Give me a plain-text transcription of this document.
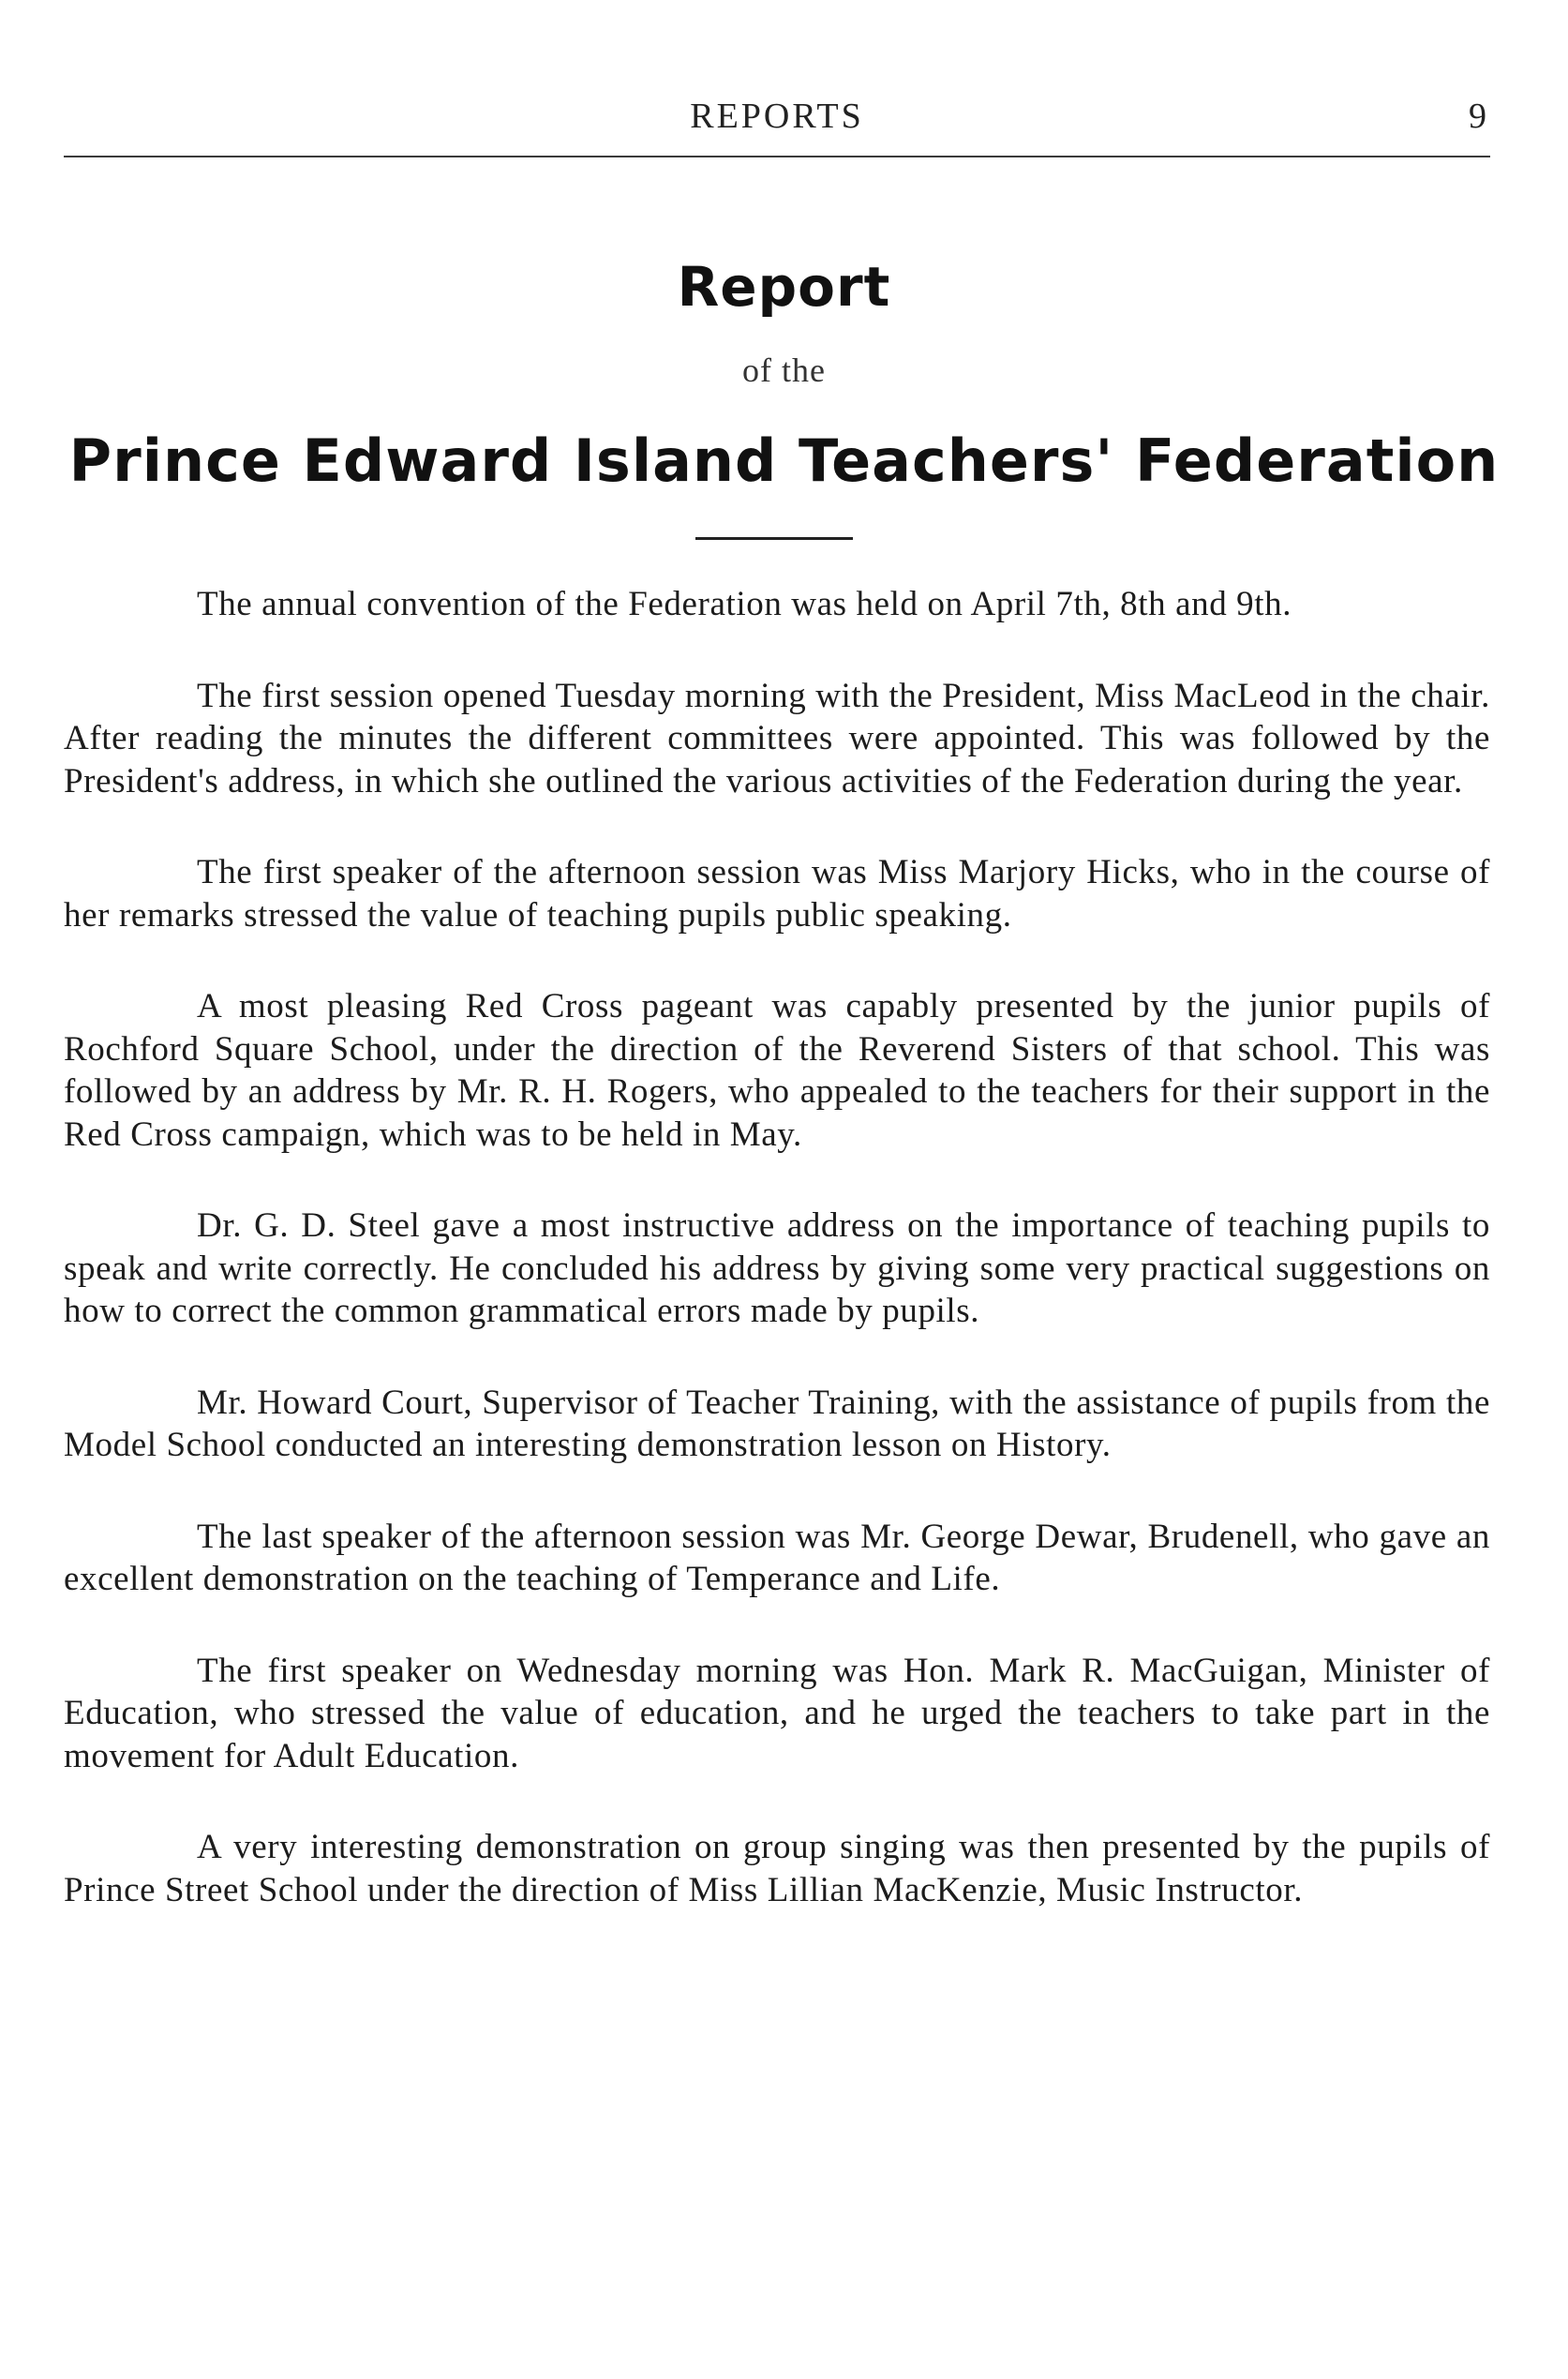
REPORTS	9
Report
of the
Prince Edward Island Teachers' Federation

The annual convention of the Federation was held on April 7th, 8th and 9th.

The first session opened Tuesday morning with the President, Miss MacLeod in the chair. After reading the minutes the different committees were appointed. This was followed by the President's address, in which she outlined the various activities of the Federation during the year.

The first speaker of the afternoon session was Miss Marjory Hicks, who in the course of her remarks stressed the value of teaching pupils public speaking.

A most pleasing Red Cross pageant was capably presented by the junior pupils of Rochford Square School, under the direction of the Reverend Sisters of that school. This was followed by an address by Mr. R. H. Rogers, who appealed to the teachers for their support in the Red Cross campaign, which was to be held in May.

Dr. G. D. Steel gave a most instructive address on the importance of teaching pupils to speak and write correctly. He concluded his address by giving some very practical suggestions on how to correct the common grammatical errors made by pupils.

Mr. Howard Court, Supervisor of Teacher Training, with the assistance of pupils from the Model School conducted an interesting demonstration lesson on History.

The last speaker of the afternoon session was Mr. George Dewar, Brudenell, who gave an excellent demonstration on the teaching of Temperance and Life.

The first speaker on Wednesday morning was Hon. Mark R. MacGuigan, Minister of Education, who stressed the value of education, and he urged the teachers to take part in the movement for Adult Education.

A very interesting demonstration on group singing was then presented by the pupils of Prince Street School under the direction of Miss Lillian MacKenzie, Music Instructor.
